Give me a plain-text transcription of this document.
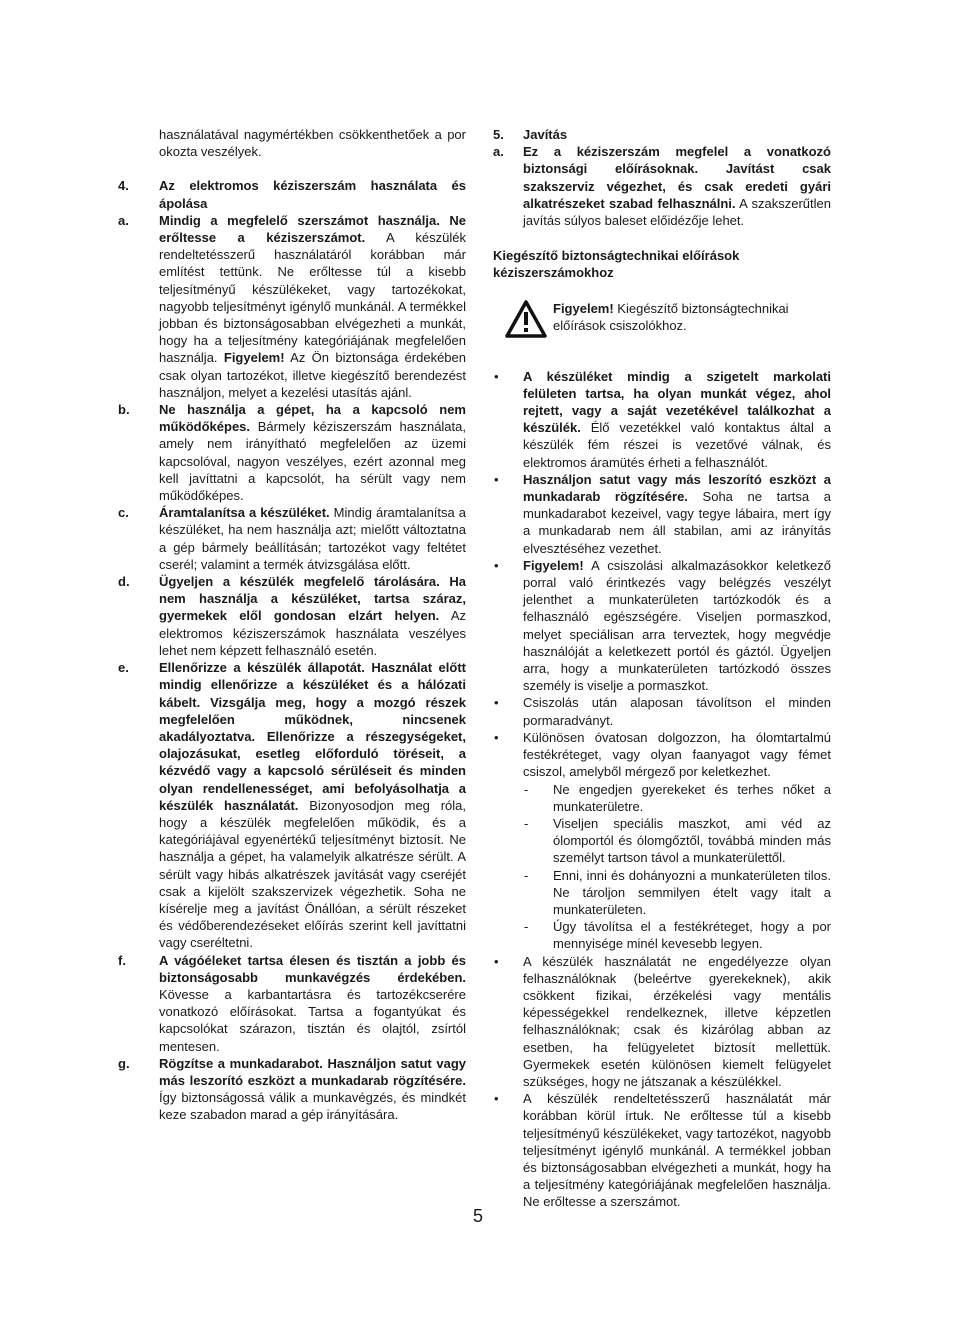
használatával nagymértékben csökkenthetőek a por okozta veszélyek.
4. Az elektromos kéziszerszám használata és ápolása
a. Mindig a megfelelő szerszámot használja. Ne erőltesse a kéziszerszámot. A készülék rendeltetésszerű használatáról korábban már említést tettünk. Ne erőltesse túl a kisebb teljesítményű készülékeket, vagy tartozékokat, nagyobb teljesítményt igénylő munkánál. A termékkel jobban és biztonságosabban elvégezheti a munkát, hogy ha a teljesítmény kategóriájának megfelelően használja. Figyelem! Az Ön biztonsága érdekében csak olyan tartozékot, illetve kiegészítő berendezést használjon, melyet a kezelési utasítás ajánl.
b. Ne használja a gépet, ha a kapcsoló nem működőképes. Bármely kéziszerszám használata, amely nem irányítható megfelelően az üzemi kapcsolóval, nagyon veszélyes, ezért azonnal meg kell javíttatni a kapcsolót, ha sérült vagy nem működőképes.
c. Áramtalanítsa a készüléket. Mindig áramtalanítsa a készüléket, ha nem használja azt; mielőtt változtatna a gép bármely beállításán; tartozékot vagy feltétet cserél; valamint a termék átvizsgálása előtt.
d. Ügyeljen a készülék megfelelő tárolására. Ha nem használja a készüléket, tartsa száraz, gyermekek elől gondosan elzárt helyen. Az elektromos kéziszerszámok használata veszélyes lehet nem képzett felhasználó esetén.
e. Ellenőrizze a készülék állapotát. Használat előtt mindig ellenőrizze a készüléket és a hálózati kábelt. Vizsgálja meg, hogy a mozgó részek megfelelően működnek, nincsenek akadályoztatva. Ellenőrizze a részegységeket, olajozásukat, esetleg előforduló töréseit, a kézvédő vagy a kapcsoló sérüléseit és minden olyan rendellenességet, ami befolyásolhatja a készülék használatát. Bizonyosodjon meg róla, hogy a készülék megfelelően működik, és a kategóriájával egyenértékű teljesítményt biztosít. Ne használja a gépet, ha valamelyik alkatrésze sérült. A sérült vagy hibás alkatrészek javítását vagy cseréjét csak a kijelölt szakszervizek végezhetik. Soha ne kísérelje meg a javítást Önállóan, a sérült részeket és védőberendezéseket előírás szerint kell javíttatni vagy cseréltetni.
f.	A vágóéleket tartsa élesen és tisztán a jobb és biztonságosabb munkavégzés érdekében. Kövesse a karbantartásra és tartozékcserére vonatkozó előírásokat. Tartsa a fogantyúkat és kapcsolókat szárazon, tisztán és olajtól, zsírtól mentesen.
g. Rögzítse a munkadarabot. Használjon satut vagy más leszorító eszközt a munkadarab rögzítésére. Így biztonságossá válik a munkavégzés, és mindkét keze szabadon marad a gép irányítására.
5. Javítás
a. Ez a kéziszerszám megfelel a vonatkozó biztonsági előírásoknak. Javítást csak szakszerviz végezhet, és csak eredeti gyári alkatrészeket szabad felhasználni. A szakszerűtlen javítás súlyos baleset előidézője lehet.
Kiegészítő biztonságtechnikai előírások kéziszerszámokhoz
Figyelem! Kiegészítő biztonságtechnikai előírások csiszolókhoz.
• A készüléket mindig a szigetelt markolati felületen tartsa, ha olyan munkát végez, ahol rejtett, vagy a saját vezetékével találkozhat a készülék. Élő vezetékkel való kontaktus által a készülék fém részei is vezetővé válnak, és elektromos áramütés érheti a felhasználót.
• Használjon satut vagy más leszorító eszközt a munkadarab rögzítésére. Soha ne tartsa a munkadarabot kezeivel, vagy tegye lábaira, mert így a munkadarab nem áll stabilan, ami az irányítás elvesztéséhez vezethet.
• Figyelem! A csiszolási alkalmazásokkor keletkező porral való érintkezés vagy belégzés veszélyt jelenthet a munkaterületen tartózkodók és a felhasználó egészségére. Viseljen pormaszkod, melyet speciálisan arra terveztek, hogy megvédje használóját a keletkezett portól és gáztól. Ügyeljen arra, hogy a munkaterületen tartózkodó összes személy is viselje a pormaszkot.
• Csiszolás után alaposan távolítson el minden pormaradványt.
• Különösen óvatosan dolgozzon, ha ólomtartalmú festékréteget, vagy olyan faanyagot vagy fémet csiszol, amelyből mérgező por keletkezhet.
- Ne engedjen gyerekeket és terhes nőket a munkaterületre.
- Viseljen speciális maszkot, ami véd az ólomportól és ólomgőztől, továbbá minden más személyt tartson távol a munkaterülettől.
- Enni, inni és dohányozni a munkaterületen tilos. Ne tároljon semmilyen ételt vagy italt a munkaterületen.
- Úgy távolítsa el a festékréteget, hogy a por mennyisége minél kevesebb legyen.
• A készülék használatát ne engedélyezze olyan felhasználóknak (beleértve gyerekeknek), akik csökkent fizikai, érzékelési vagy mentális képességekkel rendelkeznek, illetve képzetlen felhasználóknak; csak és kizárólag abban az esetben, ha felügyeletet biztosít mellettük. Gyermekek esetén különösen kiemelt felügyelet szükséges, hogy ne játszanak a készülékkel.
• A készülék rendeltetésszerű használatát már korábban körül írtuk. Ne erőltesse túl a kisebb teljesítményű készülékeket, vagy tartozékot, nagyobb teljesítményt igénylő munkánál. A termékkel jobban és biztonságosabban elvégezheti a munkát, hogy ha a teljesítmény kategóriájának megfelelően használja. Ne erőltesse a szerszámot.
5
